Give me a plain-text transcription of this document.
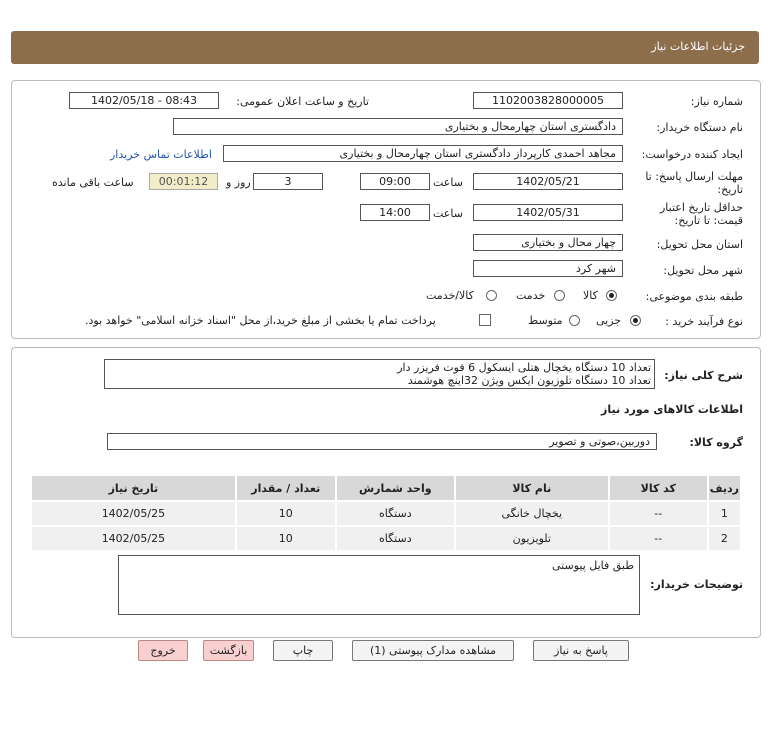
جزئیات اطلاعات نیاز
شماره نیاز:
1102003828000005
تاریخ و ساعت اعلان عمومی:
1402/05/18 - 08:43
نام دستگاه خریدار:
دادگستری استان چهارمحال و بختیاری
ایجاد کننده درخواست:
مجاهد احمدی کارپرداز دادگستری استان چهارمحال و بختیاری
اطلاعات تماس خریدار
مهلت ارسال پاسخ: تا
تاریخ:
1402/05/21
ساعت
09:00
3
روز و
00:01:12
ساعت باقی مانده
حداقل تاریخ اعتبار
قیمت: تا تاریخ:
1402/05/31
ساعت
14:00
استان محل تحویل:
چهار محال و بختیاری
شهر محل تحویل:
شهر کرد
طبقه بندی موضوعی:
کالا
خدمت
کالا/خدمت
نوع فرآیند خرید :
جزیی
متوسط
پرداخت تمام یا بخشی از مبلغ خرید،از محل "اسناد خزانه اسلامی" خواهد بود.
شرح کلی نیاز:
تعداد 10 دستگاه یخچال هتلی ایسکول 6 فوت فریزر دار
تعداد 10 دستگاه تلوزیون ایکس ویژن 32اینچ هوشمند
اطلاعات کالاهای مورد نیاز
گروه کالا:
دوربین،صوتی و تصویر
ردیف	کد کالا	نام کالا	واحد شمارش	تعداد / مقدار	تاریخ نیاز
1	--	یخچال خانگی	دستگاه	10	1402/05/25
2	--	تلویزیون	دستگاه	10	1402/05/25
توضیحات خریدار:
طبق فایل پیوستی
پاسخ به نیاز
مشاهده مدارک پیوستی (1)
چاپ
بازگشت
خروج
